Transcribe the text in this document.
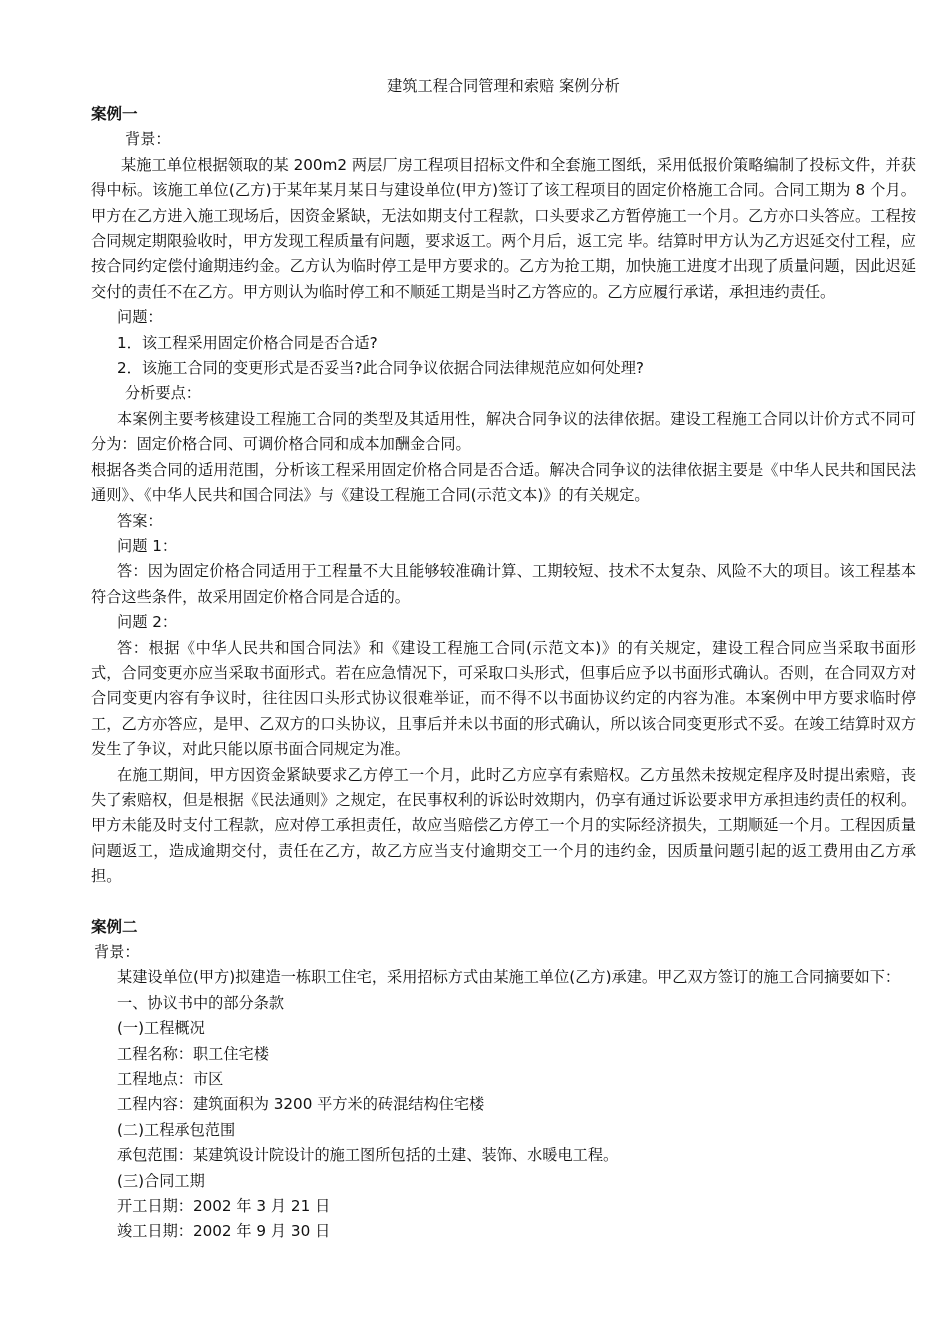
建筑工程合同管理和索赔 案例分析
案例一

背景：

某施工单位根据领取的某 200m2 两层厂房工程项目招标文件和全套施工图纸，采用低报价策略编制了投标文件，并获得中标。该施工单位(乙方)于某年某月某日与建设单位(甲方)签订了该工程项目的固定价格施工合同。合同工期为 8 个月。甲方在乙方进入施工现场后，因资金紧缺，无法如期支付工程款，口头要求乙方暂停施工一个月。乙方亦口头答应。工程按合同规定期限验收时，甲方发现工程质量有问题，要求返工。两个月后，返工完 毕。结算时甲方认为乙方迟延交付工程，应按合同约定偿付逾期违约金。乙方认为临时停工是甲方要求的。乙方为抢工期，加快施工进度才出现了质量问题，因此迟延交付的责任不在乙方。甲方则认为临时停工和不顺延工期是当时乙方答应的。乙方应履行承诺，承担违约责任。

问题：

1．该工程采用固定价格合同是否合适?

2．该施工合同的变更形式是否妥当?此合同争议依据合同法律规范应如何处理?

分析要点：

本案例主要考核建设工程施工合同的类型及其适用性，解决合同争议的法律依据。建设工程施工合同以计价方式不同可分为：固定价格合同、可调价格合同和成本加酬金合同。

根据各类合同的适用范围，分析该工程采用固定价格合同是否合适。解决合同争议的法律依据主要是《中华人民共和国民法通则》、《中华人民共和国合同法》与《建设工程施工合同(示范文本)》的有关规定。

答案：

问题 1：

答：因为固定价格合同适用于工程量不大且能够较准确计算、工期较短、技术不太复杂、风险不大的项目。该工程基本符合这些条件，故采用固定价格合同是合适的。

问题 2：

答：根据《中华人民共和国合同法》和《建设工程施工合同(示范文本)》的有关规定，建设工程合同应当采取书面形式，合同变更亦应当采取书面形式。若在应急情况下，可采取口头形式，但事后应予以书面形式确认。否则，在合同双方对合同变更内容有争议时，往往因口头形式协议很难举证，而不得不以书面协议约定的内容为准。本案例中甲方要求临时停工，乙方亦答应，是甲、乙双方的口头协议，且事后并未以书面的形式确认，所以该合同变更形式不妥。在竣工结算时双方发生了争议，对此只能以原书面合同规定为准。

在施工期间，甲方因资金紧缺要求乙方停工一个月，此时乙方应享有索赔权。乙方虽然未按规定程序及时提出索赔，丧失了索赔权，但是根据《民法通则》之规定，在民事权利的诉讼时效期内，仍享有通过诉讼要求甲方承担违约责任的权利。甲方未能及时支付工程款，应对停工承担责任，故应当赔偿乙方停工一个月的实际经济损失，工期顺延一个月。工程因质量问题返工，造成逾期交付，责任在乙方，故乙方应当支付逾期交工一个月的违约金，因质量问题引起的返工费用由乙方承担。

案例二

背景：

某建设单位(甲方)拟建造一栋职工住宅，采用招标方式由某施工单位(乙方)承建。甲乙双方签订的施工合同摘要如下：

一、协议书中的部分条款

(一)工程概况

工程名称：职工住宅楼

工程地点：市区

工程内容：建筑面积为 3200 平方米的砖混结构住宅楼

(二)工程承包范围

承包范围：某建筑设计院设计的施工图所包括的土建、装饰、水暖电工程。

(三)合同工期

开工日期：2002 年 3 月 21 日

竣工日期：2002 年 9 月 30 日
